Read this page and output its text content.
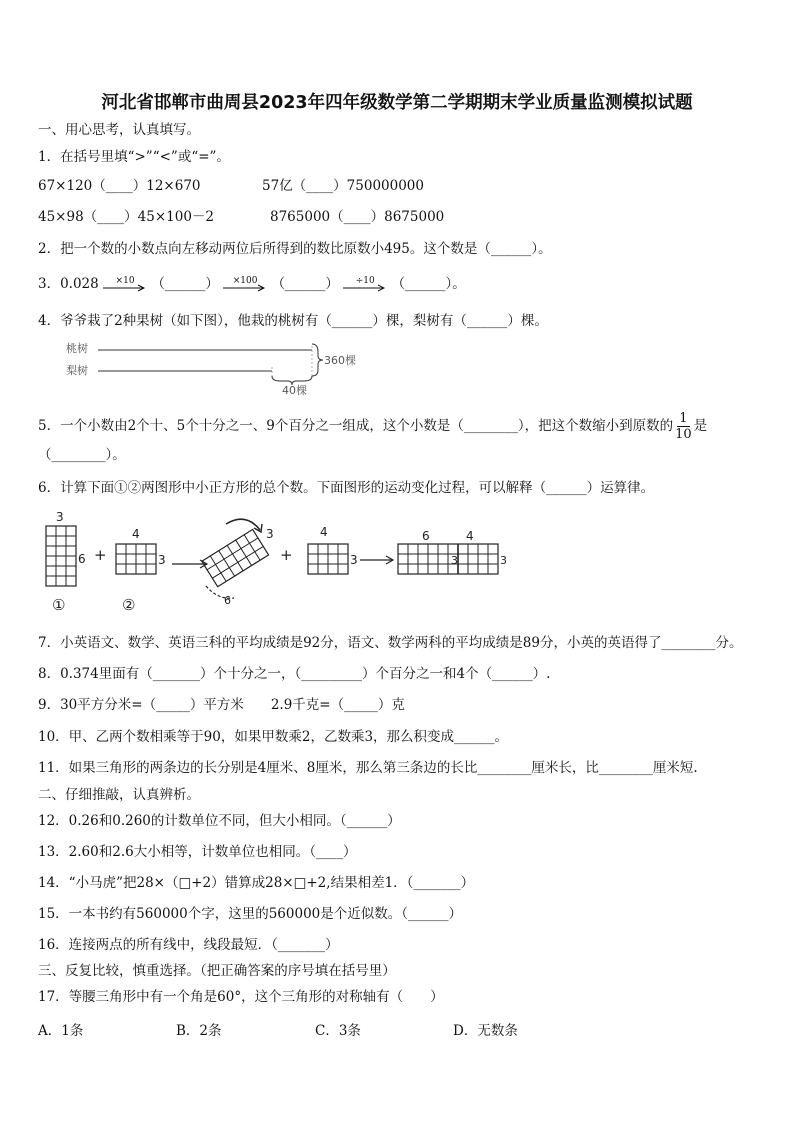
河北省邯郸市曲周县2023年四年级数学第二学期期末学业质量监测模拟试题
一、用心思考，认真填写。
1．在括号里填“>”“<”或“=”。
67×120（____）12×670	57亿（____）750000000
45×98（____）45×100－2	8765000（____）8675000
2．把一个数的小数点向左移动两位后所得到的数比原数小495。这个数是（______）。
3．0.028	×10	（______）	×100	（______）	÷10	（______）。
4．爷爷栽了2种果树（如下图），他栽的桃树有（______）棵，梨树有（______）棵。
桃树
梨树
360棵
40棵
5．一个小数由2个十、5个十分之一、9个百分之一组成，这个小数是（________），把这个数缩小到原数的 $\frac{1}{10}$ 是
（________）。
6．计算下面①②两图形中小正方形的总个数。下面图形的运动变化过程，可以解释（______）运算律。
3
6
①
+
4
3
②
3
6
+
4
3
6	4
3	3
7．小英语文、数学、英语三科的平均成绩是92分，语文、数学两科的平均成绩是89分，小英的英语得了________分。
8．0.374里面有（_______）个十分之一，（_________）个百分之一和4个（______）.
9．30平方分米=（_____）平方米　　2.9千克=（_____）克
10．甲、乙两个数相乘等于90，如果甲数乘2，乙数乘3，那么积变成______。
11．如果三角形的两条边的长分别是4厘米、8厘米，那么第三条边的长比________厘米长，比________厘米短.
二、仔细推敲，认真辨析。
12．0.26和0.260的计数单位不同，但大小相同。（______）
13．2.60和2.6大小相等，计数单位也相同。（____）
14．“小马虎”把28×（□+2）错算成28×□+2,结果相差1．（_______）
15．一本书约有560000个字，这里的560000是个近似数。（______）
16．连接两点的所有线中，线段最短．（_______）
三、反复比较，慎重选择。（把正确答案的序号填在括号里）
17．等腰三角形中有一个角是60°，这个三角形的对称轴有（　　）
A．1条	B．2条	C．3条	D．无数条
